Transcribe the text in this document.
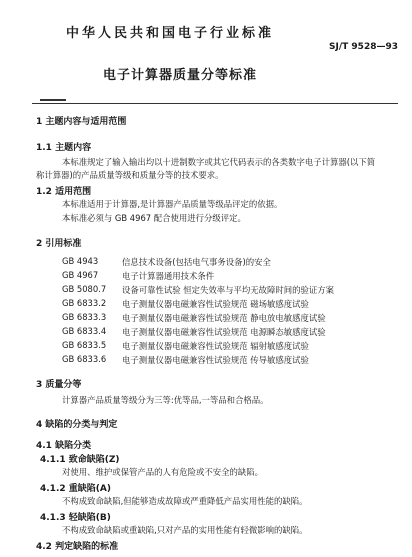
中华人民共和国电子行业标准
SJ/T 9528—93
电子计算器质量分等标准
1 主题内容与适用范围
1.1 主题内容
本标准规定了输入输出均以十进制数字或其它代码表示的各类数字电子计算器(以下简
称计算器)的产品质量等级和质量分等的技术要求。
1.2 适用范围
本标准适用于计算器,是计算器产品质量等级品评定的依据。
本标准必须与 GB 4967 配合使用进行分级评定。
2 引用标准
GB 4943	信息技术设备(包括电气事务设备)的安全
GB 4967	电子计算器通用技术条件
GB 5080.7 设备可靠性试验 恒定失效率与平均无故障时间的验证方案
GB 6833.2 电子测量仪器电磁兼容性试验规范 磁场敏感度试验
GB 6833.3 电子测量仪器电磁兼容性试验规范 静电放电敏感度试验
GB 6833.4 电子测量仪器电磁兼容性试验规范 电源瞬态敏感度试验
GB 6833.5 电子测量仪器电磁兼容性试验规范 辐射敏感度试验
GB 6833.6 电子测量仪器电磁兼容性试验规范 传导敏感度试验
3 质量分等
计算器产品质量等级分为三等:优等品,一等品和合格品。
4 缺陷的分类与判定
4.1 缺陷分类
4.1.1 致命缺陷(Z)
对使用、维护或保管产品的人有危险或不安全的缺陷。
4.1.2 重缺陷(A)
不构成致命缺陷,但能够造成故障或严重降低产品实用性能的缺陷。
4.1.3 轻缺陷(B)
不构成致命缺陷或重缺陷,只对产品的实用性能有轻微影响的缺陷。
4.2 判定缺陷的标准
